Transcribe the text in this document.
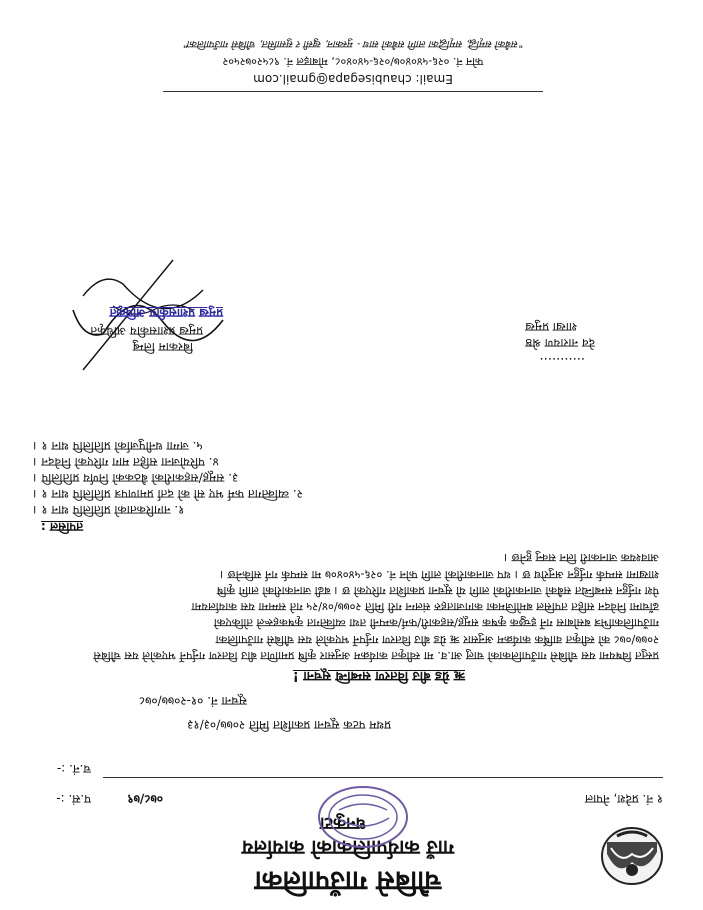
चौबिसे गाउँपालिका
गाउँ कार्यपालिकाको कार्यालय
धनकुटा
१ नं. प्रदेश, नेपाल
प.सं. :-	०७८/७९
च.नं. :-
प्रथम पटक सूचना प्रकाशित मिति २०७७/०३/१३
सूचना नं. ०१-२०७७/०७८
ऋ ग्रेड बीउ वितरण सम्बन्धि सूचना !
प्रस्तुत विषयमा यस चौबिसे गाउँपालिकाको चालु आ.व. मा स्वीकृत कार्यक्रम अनुसार कृषि प्रमाणित बीउ वितरण गर्नुपर्ने भएकोले यस चौबिसे
२०७७/०७८ को स्वीकृत वार्षिक कार्यक्रम अनुसार ऋ ग्रेड बीउ वितरण गर्नुपर्ने भएकोले यस चौबिसे गाउँपालिका
गाउँपालिकाभित्र बसोबास गर्ने इच्छुक कृषक समूह/सहकारी/फर्म/कम्पनी तथा व्यक्तिगत कृषकहरूले तोकिएको
ढाँचामा निवेदन सहित तपसिल बमोजिमका कागजातहरु संलग्न गरी मिति २०७७/०४/२५ गते सम्ममा यस कार्यालयमा
पेश गर्नुहुन सम्बन्धित सबैको जानकारीको लागि यो सूचना प्रकाशित गरिएको छ । बढी जानकारीको लागि कृषि
शाखामा सम्पर्क गर्नुहुन अनुरोध छ । थप जानकारीको लागि फोन नं. ०२६-५४०४०७ मा सम्पर्क गर्न सकिनेछ ।
आवश्यक जानकारी लिन सक्नु हुनेछ ।
तपसिल :
१. नागरिकताको प्रतिलिपि थान १ ।
२. व्यक्तिगत फर्म भए सो को दर्ता प्रमाणपत्र प्रतिलिपि थान १ ।
३. समूह/सहकारीको बैठकको निर्णय प्रतिलिपि ।
४. परियोजना सहित माग गरिएको निवेदन ।
५. जग्गा धनीपुर्जाको प्रतिलिपि थान १ ।
...........
देव नारायण श्रेष्ठ
शाखा प्रमुख
बिरकाम लिम्बु
प्रमुख प्रशासकीय अधिकृत
प्रमुख प्रशासकीय अधिकृत
Email: chaubisegapa@gmail.com
फोन नं. ०२६-५४०४०७/०२६-५४०४०८, मोबाइल नं. ९८५२०७२५०२
"सबैको समृद्धि, समृद्धिका लागि सबैको साथ - मुस्कान, खुसी र सुसासित, चौबिसे गाउँपालिका"
